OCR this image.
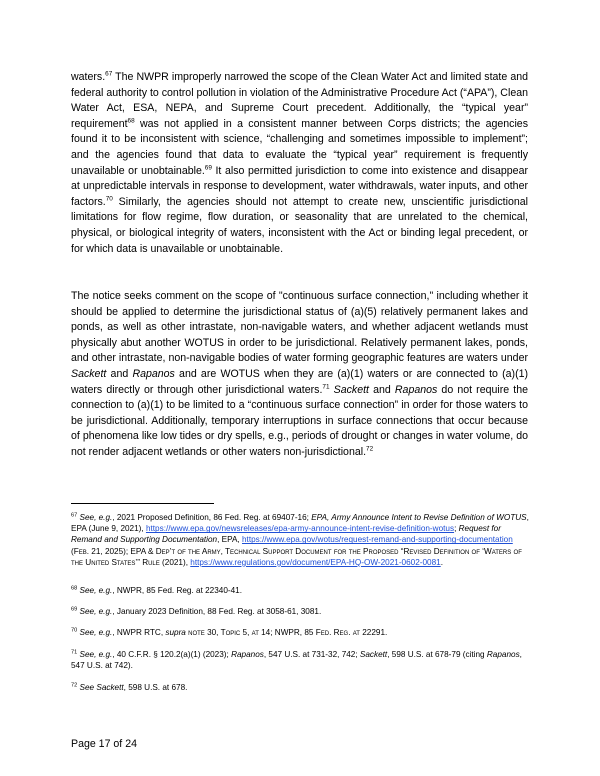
waters.$^{67}$ The NWPR improperly narrowed the scope of the Clean Water Act and limited state and federal authority to control pollution in violation of the Administrative Procedure Act (“APA”), Clean Water Act, ESA, NEPA, and Supreme Court precedent. Additionally, the “typical year” requirement$^{68}$ was not applied in a consistent manner between Corps districts; the agencies found it to be inconsistent with science, “challenging and sometimes impossible to implement”; and the agencies found that data to evaluate the “typical year” requirement is frequently unavailable or unobtainable.$^{69}$ It also permitted jurisdiction to come into existence and disappear at unpredictable intervals in response to development, water withdrawals, water inputs, and other factors.$^{70}$ Similarly, the agencies should not attempt to create new, unscientific jurisdictional limitations for flow regime, flow duration, or seasonality that are unrelated to the chemical, physical, or biological integrity of waters, inconsistent with the Act or binding legal precedent, or for which data is unavailable or unobtainable.

The notice seeks comment on the scope of "continuous surface connection," including whether it should be applied to determine the jurisdictional status of (a)(5) relatively permanent lakes and ponds, as well as other intrastate, non-navigable waters, and whether adjacent wetlands must physically abut another WOTUS in order to be jurisdictional. Relatively permanent lakes, ponds, and other intrastate, non-navigable bodies of water forming geographic features are waters under Sackett and Rapanos and are WOTUS when they are (a)(1) waters or are connected to (a)(1) waters directly or through other jurisdictional waters.$^{71}$ Sackett and Rapanos do not require the connection to (a)(1) to be limited to a “continuous surface connection” in order for those waters to be jurisdictional. Additionally, temporary interruptions in surface connections that occur because of phenomena like low tides or dry spells, e.g., periods of drought or changes in water volume, do not render adjacent wetlands or other waters non-jurisdictional.$^{72}$

$^{67}$ See, e.g., 2021 Proposed Definition, 86 Fed. Reg. at 69407-16; EPA, Army Announce Intent to Revise Definition of WOTUS, EPA (June 9, 2021), https://www.epa.gov/newsreleases/epa-army-announce-intent-revise-definition-wotus; Request for Remand and Supporting Documentation, EPA, https://www.epa.gov/wotus/request-remand-and-supporting-documentation (Feb. 21, 2025); EPA & Dep’t of the Army, Technical Support Document for the Proposed “Revised Definition of ‘Waters of the United States’” Rule (2021), https://www.regulations.gov/document/EPA-HQ-OW-2021-0602-0081.

$^{68}$ See, e.g., NWPR, 85 Fed. Reg. at 22340-41.

$^{69}$ See, e.g., January 2023 Definition, 88 Fed. Reg. at 3058-61, 3081.

$^{70}$ See, e.g., NWPR RTC, supra note 30, Topic 5, at 14; NWPR, 85 Fed. Reg. at 22291.

$^{71}$ See, e.g., 40 C.F.R. § 120.2(a)(1) (2023); Rapanos, 547 U.S. at 731-32, 742; Sackett, 598 U.S. at 678-79 (citing Rapanos, 547 U.S. at 742).

$^{72}$ See Sackett, 598 U.S. at 678.

Page 17 of 24
